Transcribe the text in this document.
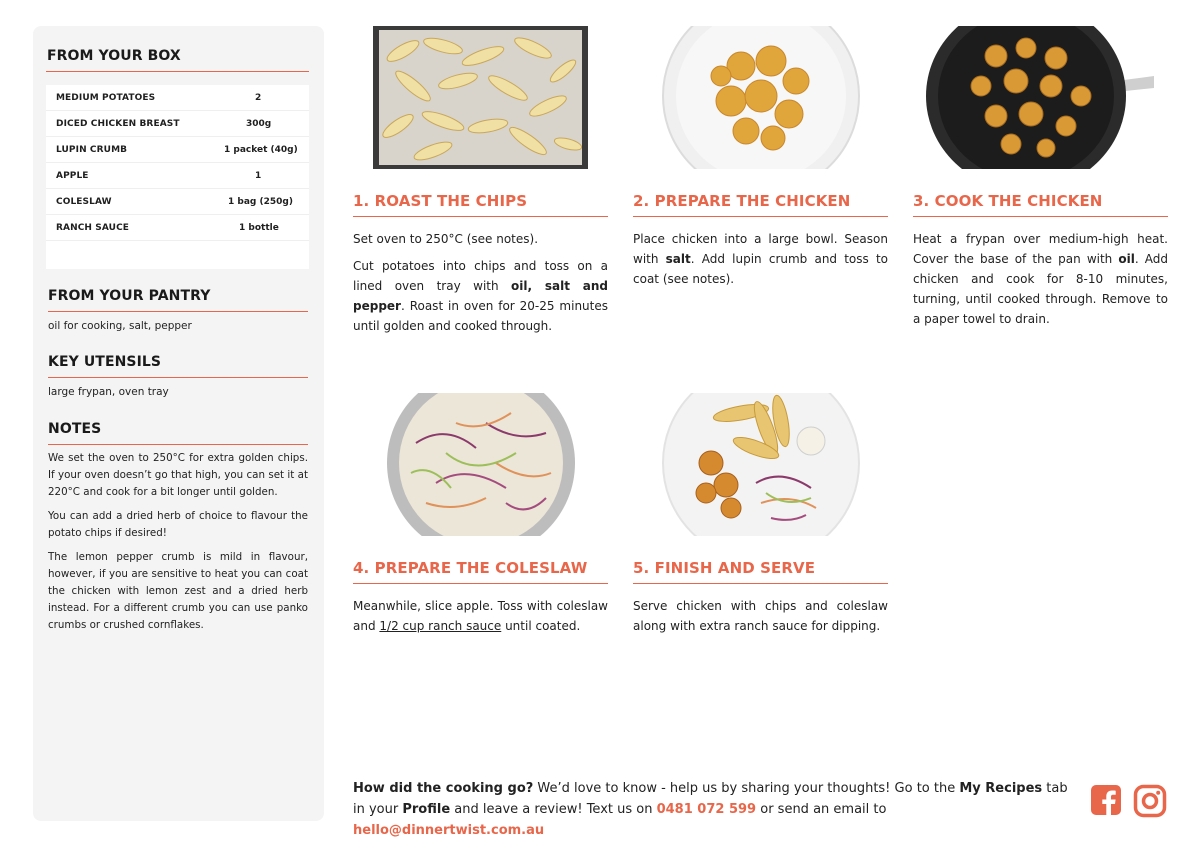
FROM YOUR BOX
MEDIUM POTATOES	2
DICED CHICKEN BREAST	300g
LUPIN CRUMB	1 packet (40g)
APPLE	1
COLESLAW	1 bag (250g)
RANCH SAUCE	1 bottle
FROM YOUR PANTRY
oil for cooking, salt, pepper
KEY UTENSILS
large frypan, oven tray
NOTES

We set the oven to 250°C for extra golden chips. If your oven doesn’t go that high, you can set it at 220°C and cook for a bit longer until golden.

You can add a dried herb of choice to flavour the potato chips if desired!

The lemon pepper crumb is mild in flavour, however, if you are sensitive to heat you can coat the chicken with lemon zest and a dried herb instead. For a different crumb you can use panko crumbs or crushed cornflakes.

1. ROAST THE CHIPS

Set oven to 250°C (see notes).

Cut potatoes into chips and toss on a lined oven tray with oil, salt and pepper. Roast in oven for 20-25 minutes until golden and cooked through.

2. PREPARE THE CHICKEN

Place chicken into a large bowl. Season with salt. Add lupin crumb and toss to coat (see notes).

3. COOK THE CHICKEN

Heat a frypan over medium-high heat. Cover the base of the pan with oil. Add chicken and cook for 8-10 minutes, turning, until cooked through. Remove to a paper towel to drain.

4. PREPARE THE COLESLAW

Meanwhile, slice apple. Toss with coleslaw and 1/2 cup ranch sauce until coated.

5. FINISH AND SERVE

Serve chicken with chips and coleslaw along with extra ranch sauce for dipping.

How did the cooking go? We’d love to know - help us by sharing your thoughts! Go to the My Recipes tab in your Profile and leave a review! Text us on 0481 072 599 or send an email to hello@dinnertwist.com.au
